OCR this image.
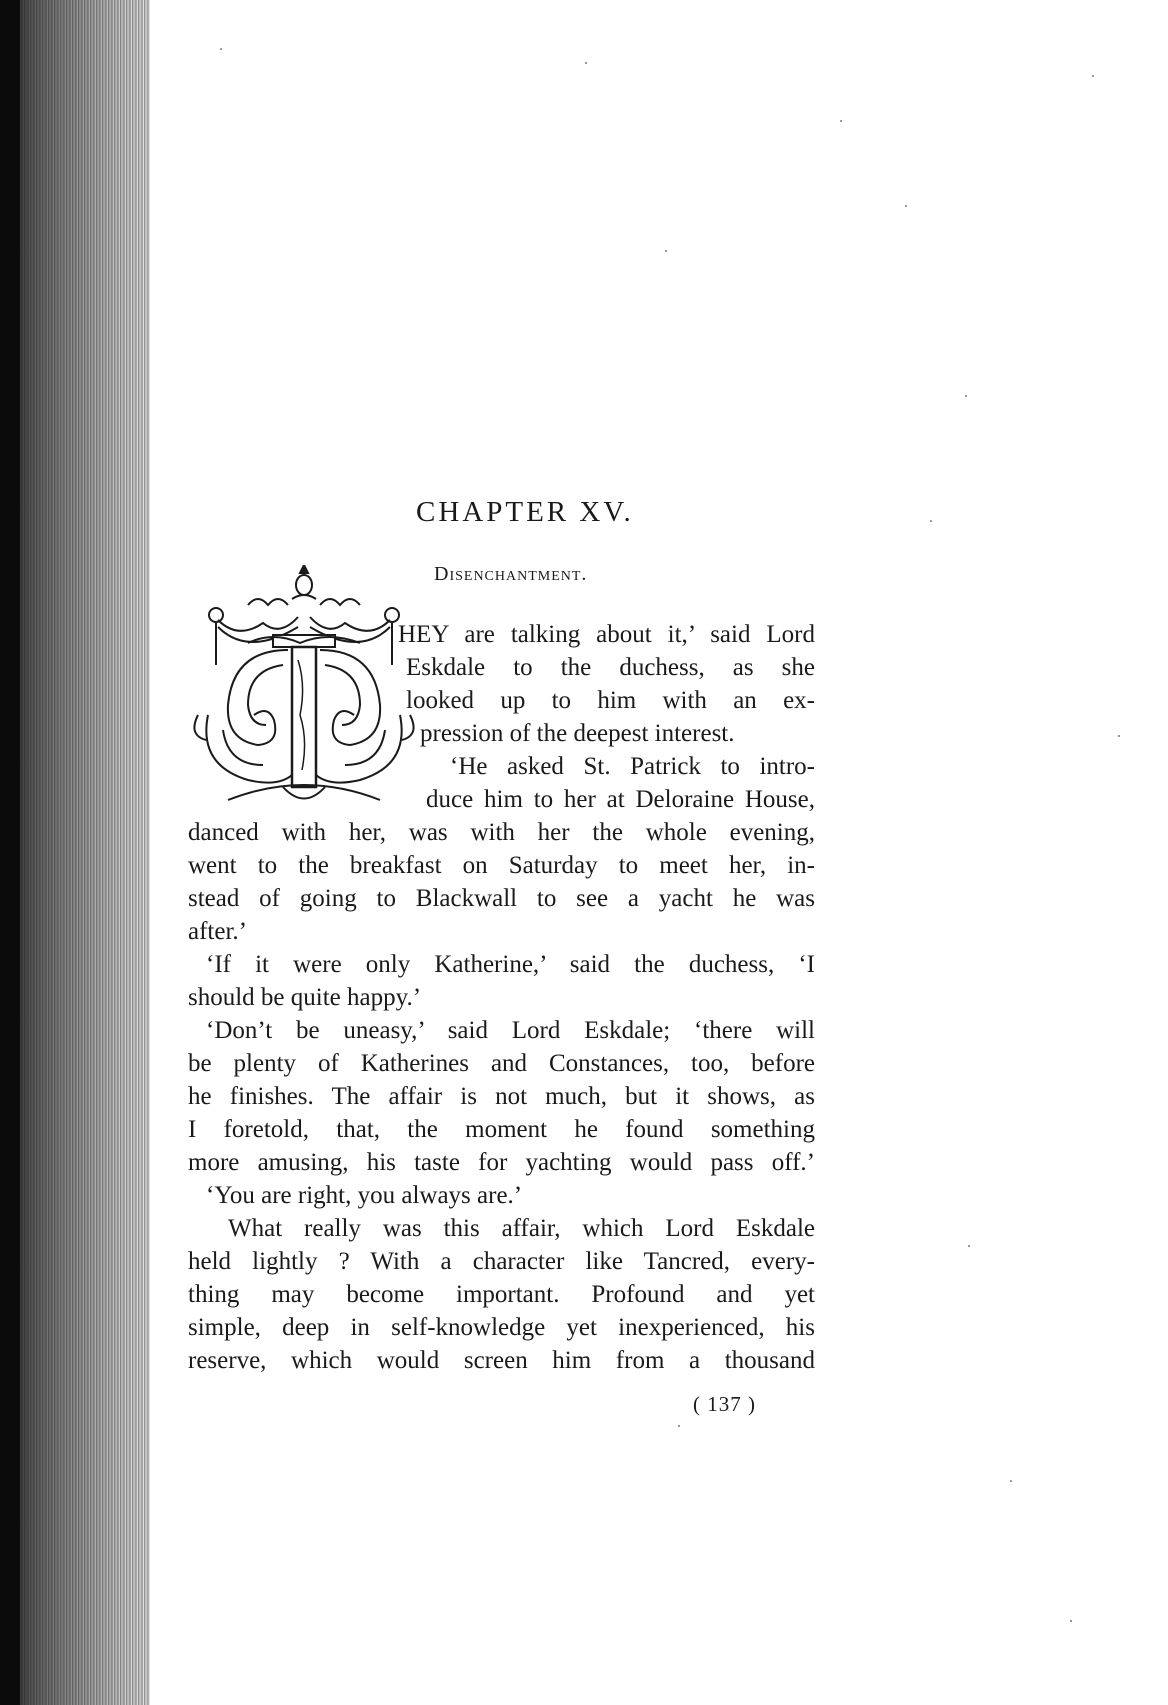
CHAPTER XV.
Disenchantment.
HEY are talking about it,’ said Lord
Eskdale to the duchess, as she
looked up to him with an ex-
pression of the deepest interest.
‘He asked St. Patrick to intro-
duce him to her at Deloraine House,
danced with her, was with her the whole evening,
went to the breakfast on Saturday to meet her, in-
stead of going to Blackwall to see a yacht he was
after.’
‘If it were only Katherine,’ said the duchess, ‘I
should be quite happy.’
‘Don’t be uneasy,’ said Lord Eskdale; ‘there will
be plenty of Katherines and Constances, too, before
he finishes. The affair is not much, but it shows, as
I foretold, that, the moment he found something
more amusing, his taste for yachting would pass off.’
‘You are right, you always are.’
What really was this affair, which Lord Eskdale
held lightly ? With a character like Tancred, every-
thing may become important. Profound and yet
simple, deep in self-knowledge yet inexperienced, his
reserve, which would screen him from a thousand
( 137 )
